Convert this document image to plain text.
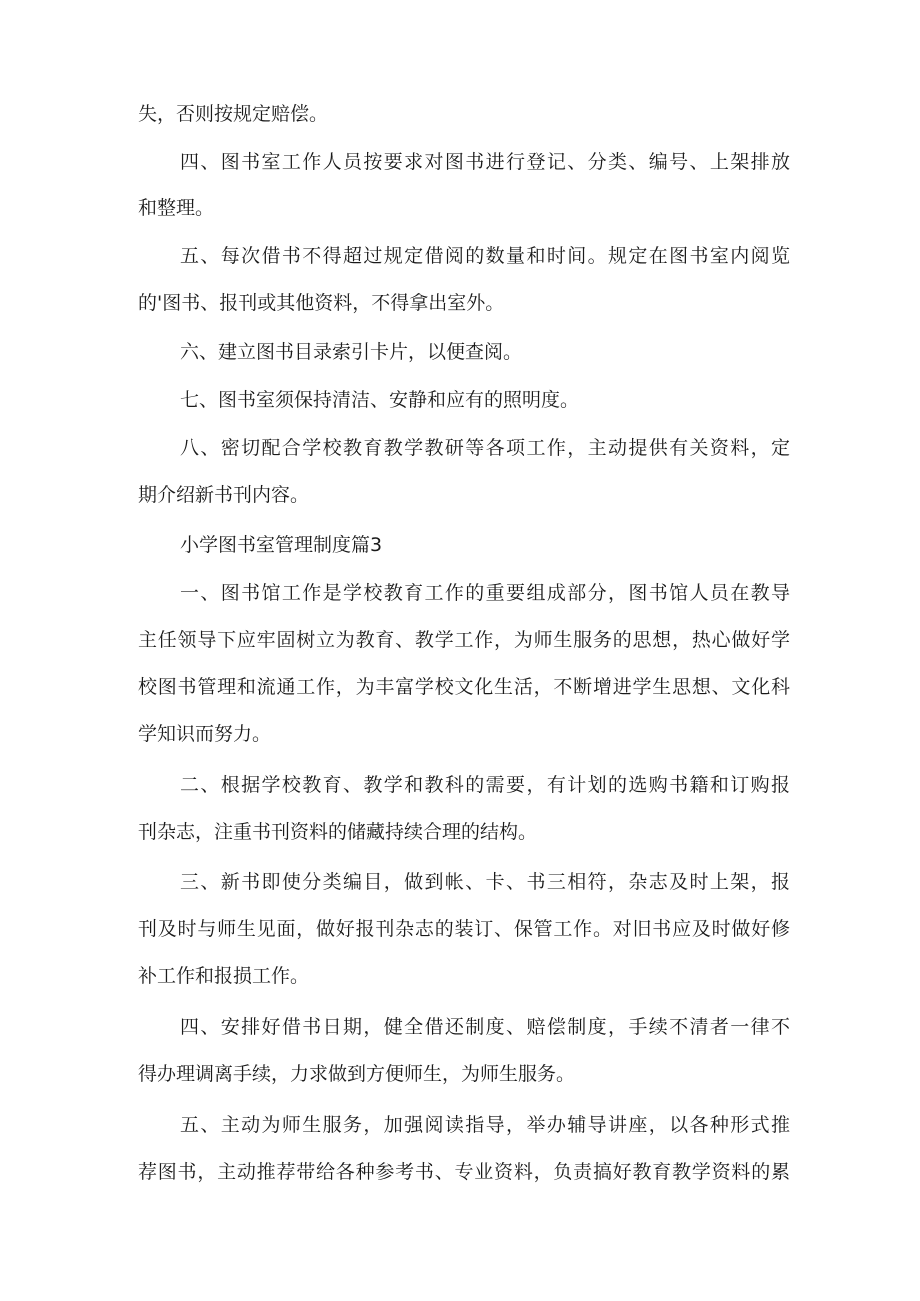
失，否则按规定赔偿。
四、图书室工作人员按要求对图书进行登记、分类、编号、上架排放
和整理。
五、每次借书不得超过规定借阅的数量和时间。规定在图书室内阅览
的'图书、报刊或其他资料，不得拿出室外。
六、建立图书目录索引卡片，以便查阅。
七、图书室须保持清洁、安静和应有的照明度。
八、密切配合学校教育教学教研等各项工作，主动提供有关资料，定
期介绍新书刊内容。
小学图书室管理制度篇3
一、图书馆工作是学校教育工作的重要组成部分，图书馆人员在教导
主任领导下应牢固树立为教育、教学工作，为师生服务的思想，热心做好学
校图书管理和流通工作，为丰富学校文化生活，不断增进学生思想、文化科
学知识而努力。
二、根据学校教育、教学和教科的需要，有计划的选购书籍和订购报
刊杂志，注重书刊资料的储藏持续合理的结构。
三、新书即使分类编目，做到帐、卡、书三相符，杂志及时上架，报
刊及时与师生见面，做好报刊杂志的装订、保管工作。对旧书应及时做好修
补工作和报损工作。
四、安排好借书日期，健全借还制度、赔偿制度，手续不清者一律不
得办理调离手续，力求做到方便师生，为师生服务。
五、主动为师生服务，加强阅读指导，举办辅导讲座，以各种形式推
荐图书，主动推荐带给各种参考书、专业资料，负责搞好教育教学资料的累
